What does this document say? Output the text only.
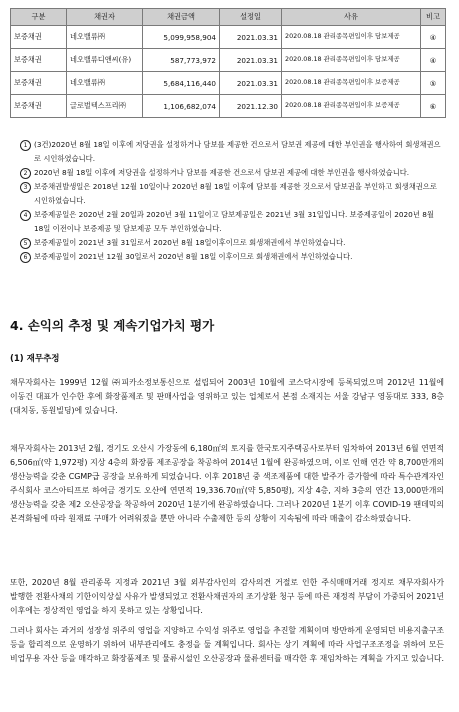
구분	채권자	채권금액	설정일	사유	비고
보증채권	네오밸류㈜	5,099,958,904	2021.03.31	2020.08.18 관리종목편입이후 담보제공	④
보증채권	네오밸류디앤씨(유)	587,773,972	2021.03.31	2020.08.18 관리종목편입이후 담보제공	④
보증채권	네오밸류㈜	5,684,116,440	2021.03.31	2020.08.18 관리종목편입이후 보증제공	⑤
보증채권	글로벌텍스프리㈜	1,106,682,074	2021.12.30	2020.08.18 관리종목편입이후 보증제공	⑥

1 (3건)2020년 8월 18일 이후에 저당권을 설정하거나 담보를 제공한 건으로서 담보권 제공에 대한 부인권을 행사하여 회생채권으로 시인하였습니다.

2 2020년 8월 18일 이후에 저당권을 설정하거나 담보를 제공한 건으로서 담보권 제공에 대한 부인권을 행사하였습니다.

3 보증채권발생일은 2018년 12월 10일이나 2020년 8월 18일 이후에 담보를 제공한 것으로서 담보권을 부인하고 회생채권으로 시인하였습니다.

4 보증제공일은 2020년 2월 20일과 2020년 3월 11일이고 담보제공일은 2021년 3월 31일입니다. 보증제공일이 2020년 8월 18일 이전이나 보증제공 및 담보제공 모두 부인하였습니다.

5 보증제공일이 2021년 3월 31일로서 2020년 8월 18일이후이므로 회생채권에서 부인하였습니다.

6 보증제공일이 2021년 12월 30일로서 2020년 8월 18일 이후이므로 회생채권에서 부인하였습니다.

4. 손익의 추정 및 계속기업가치 평가
(1) 재무추정

채무자회사는 1999년 12월 ㈜피카소정보통신으로 설립되어 2003년 10월에 코스닥시장에 등록되었으며 2012년 11월에 이동건 대표가 인수한 후에 화장품제조 및 판매사업을 영위하고 있는 업체로서 본점 소재지는 서울 강남구 영동대로 333, 8층(대치동, 동원빌딩)에 있습니다.

채무자회사는 2013년 2월, 경기도 오산시 가장동에 6,180㎡의 토지를 한국토지주택공사로부터 임차하여 2013년 6월 연면적 6,506㎡(약 1,972평) 지상 4층의 화장품 제조공장을 착공하여 2014년 1월에 완공하였으며, 이로 인해 연간 약 8,700만개의 생산능력을 갖춘 CGMP급 공장을 보유하게 되었습니다. 이후 2018년 중 색조제품에 대한 발주가 증가함에 따라 특수관계자인 주식회사 코스아티프로 하여금 경기도 오산에 연면적 19,336.70㎡(약 5,850평), 지상 4층, 지하 3층의 연간 13,000만개의 생산능력을 갖춘 제2 오산공장을 착공하여 2020년 1분기에 완공하였습니다. 그러나 2020년 1분기 이후 COVID-19 팬데믹의 본격화됨에 따라 원재료 구매가 어려워졌을 뿐만 아니라 수출제한 등의 상황이 지속됨에 따라 매출이 감소하였습니다.

또한, 2020년 8월 관리종목 지정과 2021년 3월 외부감사인의 감사의견 거절로 인한 주식매매거래 정지로 채무자회사가 발행한 전환사채의 기한이익상실 사유가 발생되었고 전환사채권자의 조기상환 청구 등에 따른 재정적 부담이 가중되어 2021년 이후에는 정상적인 영업을 하지 못하고 있는 상황입니다.

그러나 회사는 과거의 성장성 위주의 영업을 지양하고 수익성 위주로 영업을 추진할 계획이며 방만하게 운영되던 비용지출구조 등을 합리적으로 운영하기 위하여 내부관리에도 충정을 둘 계획입니다. 회사는 상기 계획에 따라 사업구조조정을 위하여 모든 비업무용 자산 등을 매각하고 화장품제조 및 물류시설인 오산공장과 물류센터를 매각한 후 재임차하는 계획을 가지고 있습니다.
